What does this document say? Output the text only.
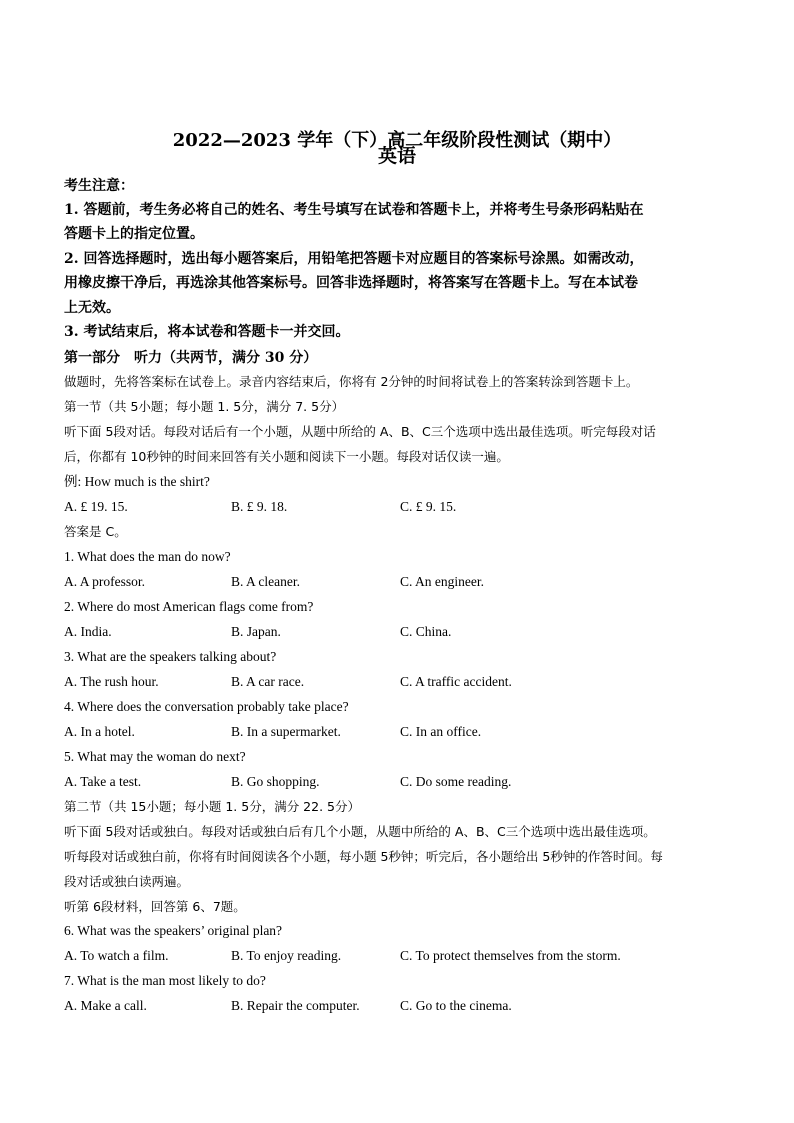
2022—2023 学年（下）高二年级阶段性测试（期中）
英语
考生注意：
1. 答题前，考生务必将自己的姓名、考生号填写在试卷和答题卡上，并将考生号条形码粘贴在
答题卡上的指定位置。
2. 回答选择题时，选出每小题答案后，用铅笔把答题卡对应题目的答案标号涂黑。如需改动，
用橡皮擦干净后，再选涂其他答案标号。回答非选择题时，将答案写在答题卡上。写在本试卷
上无效。
3. 考试结束后，将本试卷和答题卡一并交回。
第一部分　听力（共两节，满分 30 分）
做题时，先将答案标在试卷上。录音内容结束后，你将有 2分钟的时间将试卷上的答案转涂到答题卡上。
第一节（共 5小题；每小题 1. 5分，满分 7. 5分）
听下面 5段对话。每段对话后有一个小题，从题中所给的 A、B、C三个选项中选出最佳选项。听完每段对话
后，你都有 10秒钟的时间来回答有关小题和阅读下一小题。每段对话仅读一遍。
例: How much is the shirt?
A. £ 19. 15.	B. £ 9. 18.	C. £ 9. 15.
答案是 C。
1. What does the man do now?
A. A professor.	B. A cleaner.	C. An engineer.
2. Where do most American flags come from?
A. India.	B. Japan.	C. China.
3. What are the speakers talking about?
A. The rush hour.	B. A car race.	C. A traffic accident.
4. Where does the conversation probably take place?
A. In a hotel.	B. In a supermarket.	C. In an office.
5. What may the woman do next?
A. Take a test.	B. Go shopping.	C. Do some reading.
第二节（共 15小题；每小题 1. 5分，满分 22. 5分）
听下面 5段对话或独白。每段对话或独白后有几个小题，从题中所给的 A、B、C三个选项中选出最佳选项。
听每段对话或独白前，你将有时间阅读各个小题，每小题 5秒钟；听完后，各小题给出 5秒钟的作答时间。每
段对话或独白读两遍。
听第 6段材料，回答第 6、7题。
6. What was the speakers’ original plan?
A. To watch a film.	B. To enjoy reading.	C. To protect themselves from the storm.
7. What is the man most likely to do?
A. Make a call.	B. Repair the computer.	C. Go to the cinema.
